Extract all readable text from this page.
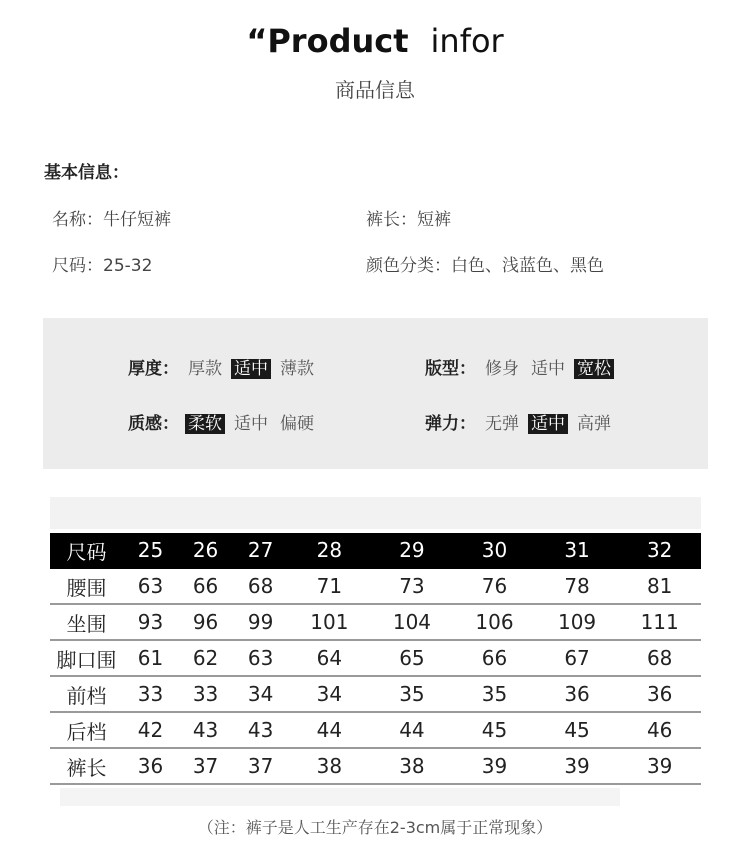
“Product infor
商品信息
基本信息：
名称：牛仔短裤	裤长：短裤
尺码：25-32	颜色分类：白色、浅蓝色、黑色
厚度： 厚款 适中 薄款	版型： 修身 适中 宽松
质感： 柔软 适中 偏硬	弹力： 无弹 适中 高弹
尺码	25	26	27	28	29	30	31	32
腰围	63	66	68	71	73	76	78	81
坐围	93	96	99	101	104	106	109	111
脚口围	61	62	63	64	65	66	67	68
前档	33	33	34	34	35	35	36	36
后档	42	43	43	44	44	45	45	46
裤长	36	37	37	38	38	39	39	39
（注：裤子是人工生产存在2-3cm属于正常现象）
